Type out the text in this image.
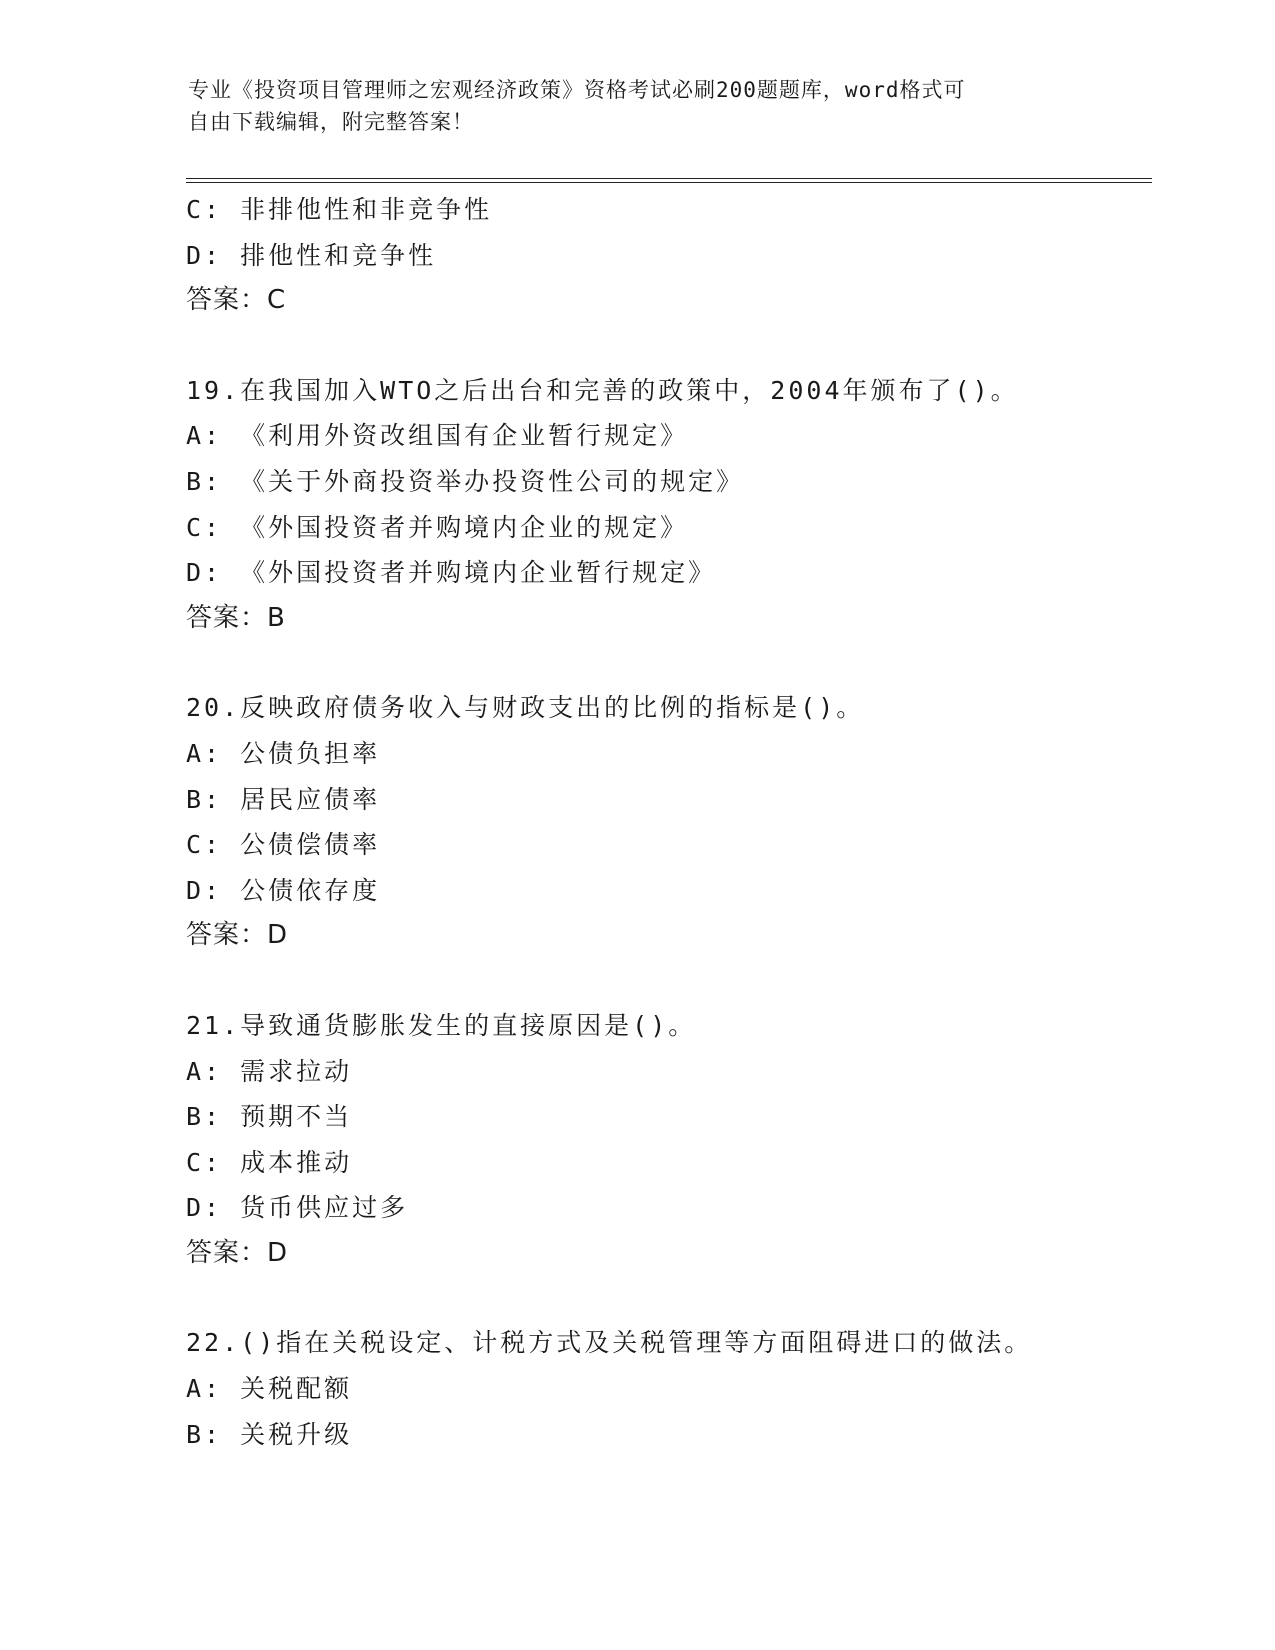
专业《投资项目管理师之宏观经济政策》资格考试必刷200题题库，word格式可
自由下载编辑，附完整答案！
C: 非排他性和非竞争性
D: 排他性和竞争性
答案：C
19.在我国加入WTO之后出台和完善的政策中，2004年颁布了()。
A: 《利用外资改组国有企业暂行规定》
B: 《关于外商投资举办投资性公司的规定》
C: 《外国投资者并购境内企业的规定》
D: 《外国投资者并购境内企业暂行规定》
答案：B
20.反映政府债务收入与财政支出的比例的指标是()。
A: 公债负担率
B: 居民应债率
C: 公债偿债率
D: 公债依存度
答案：D
21.导致通货膨胀发生的直接原因是()。
A: 需求拉动
B: 预期不当
C: 成本推动
D: 货币供应过多
答案：D
22.()指在关税设定、计税方式及关税管理等方面阻碍进口的做法。
A: 关税配额
B: 关税升级
